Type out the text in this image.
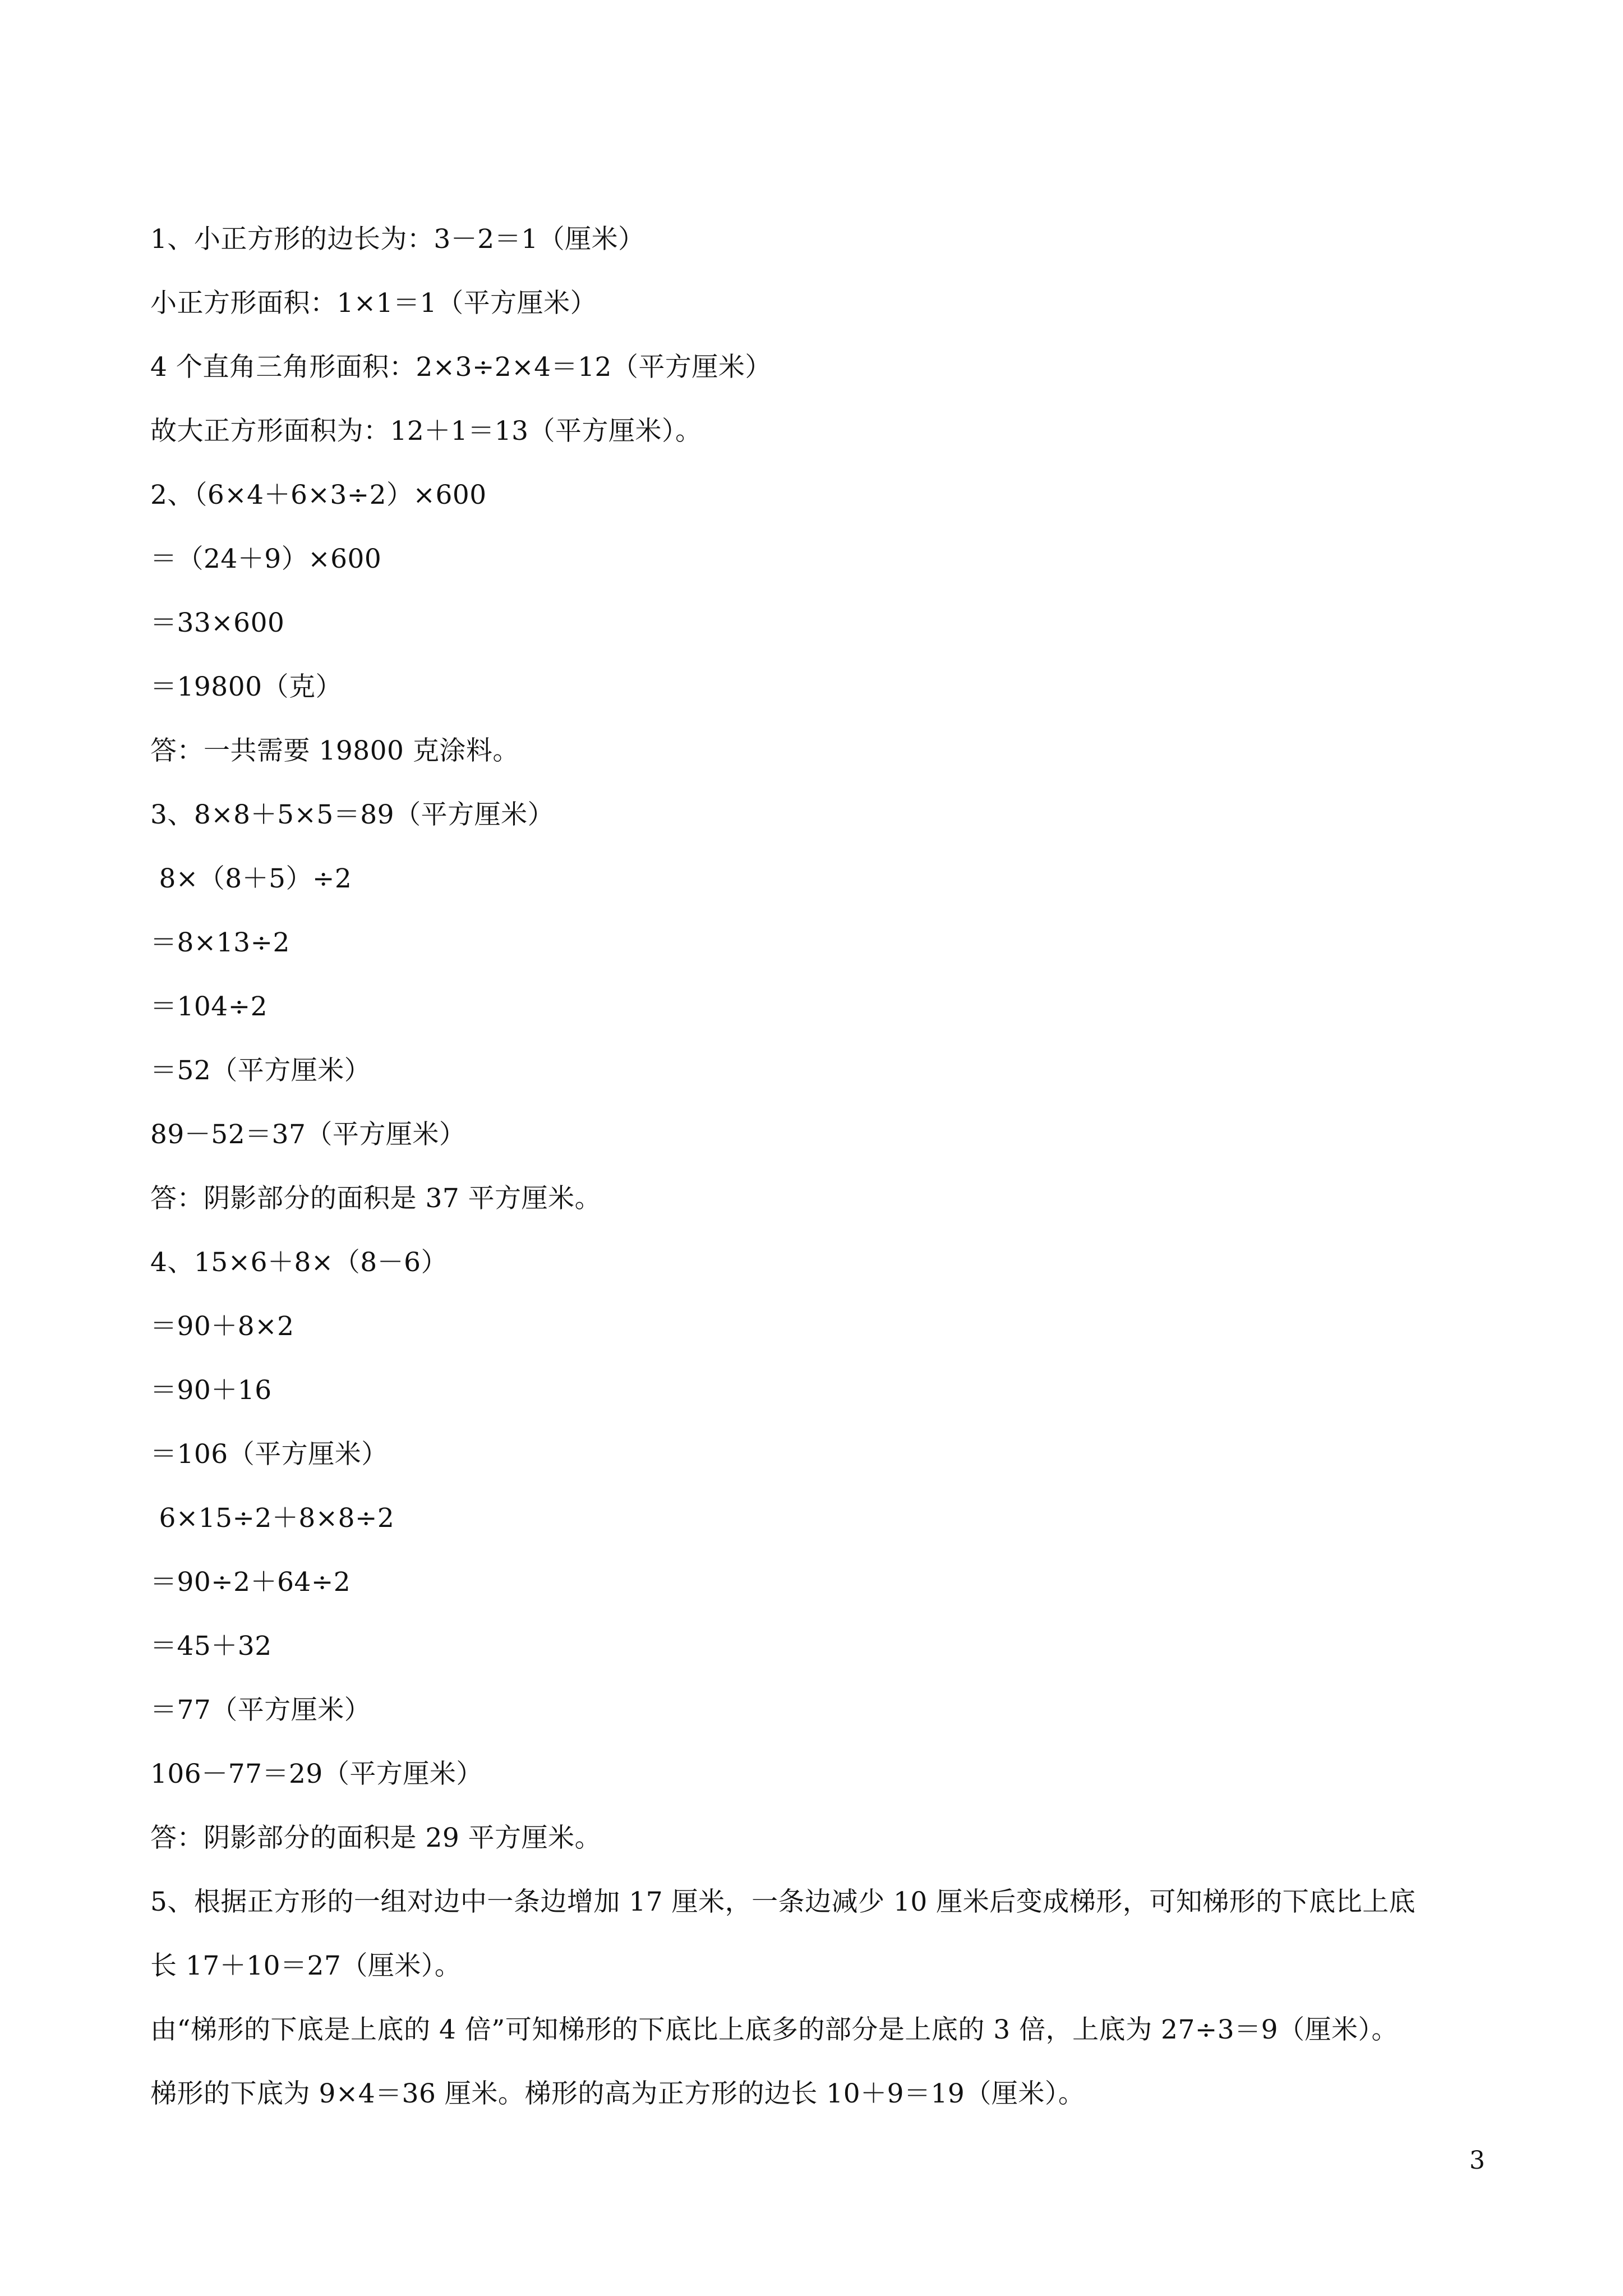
1、小正方形的边长为：3－2＝1（厘米）
小正方形面积：1×1＝1（平方厘米）
4 个直角三角形面积：2×3÷2×4＝12（平方厘米）
故大正方形面积为：12＋1＝13（平方厘米）。
2、（6×4＋6×3÷2）×600
＝（24＋9）×600
＝33×600
＝19800（克）
答：一共需要 19800 克涂料。
3、8×8＋5×5＝89（平方厘米）
8×（8＋5）÷2
＝8×13÷2
＝104÷2
＝52（平方厘米）
89－52＝37（平方厘米）
答：阴影部分的面积是 37 平方厘米。
4、15×6＋8×（8－6）
＝90＋8×2
＝90＋16
＝106（平方厘米）
6×15÷2＋8×8÷2
＝90÷2＋64÷2
＝45＋32
＝77（平方厘米）
106－77＝29（平方厘米）
答：阴影部分的面积是 29 平方厘米。
5、根据正方形的一组对边中一条边增加 17 厘米，一条边减少 10 厘米后变成梯形，可知梯形的下底比上底
长 17＋10＝27（厘米）。
由“梯形的下底是上底的 4 倍”可知梯形的下底比上底多的部分是上底的 3 倍，上底为 27÷3＝9（厘米）。
梯形的下底为 9×4＝36 厘米。梯形的高为正方形的边长 10＋9＝19（厘米）。
3
